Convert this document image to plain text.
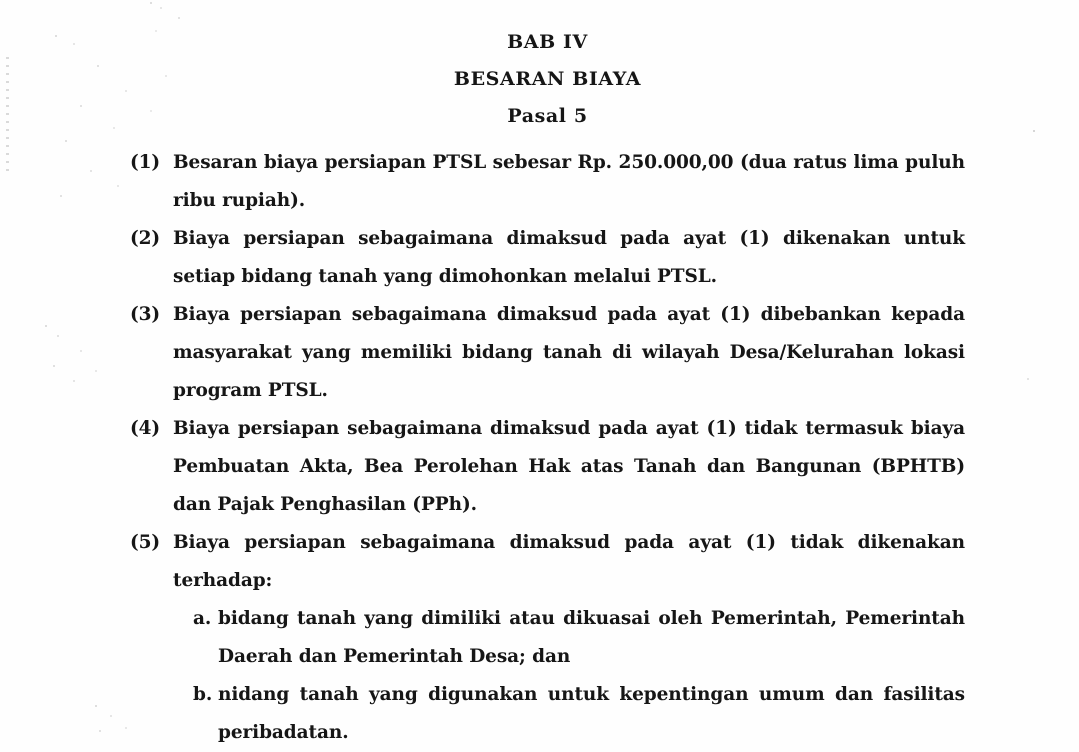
BAB IV
BESARAN BIAYA
Pasal 5
(1) Besaran biaya persiapan PTSL sebesar Rp. 250.000,00 (dua ratus lima puluh ribu rupiah).
(2) Biaya persiapan sebagaimana dimaksud pada ayat (1) dikenakan untuk setiap bidang tanah yang dimohonkan melalui PTSL.
(3) Biaya persiapan sebagaimana dimaksud pada ayat (1) dibebankan kepada masyarakat yang memiliki bidang tanah di wilayah Desa/Kelurahan lokasi program PTSL.
(4) Biaya persiapan sebagaimana dimaksud pada ayat (1) tidak termasuk biaya Pembuatan Akta, Bea Perolehan Hak atas Tanah dan Bangunan (BPHTB) dan Pajak Penghasilan (PPh).
(5) Biaya persiapan sebagaimana dimaksud pada ayat (1) tidak dikenakan terhadap:
a. bidang tanah yang dimiliki atau dikuasai oleh Pemerintah, Pemerintah Daerah dan Pemerintah Desa; dan
b. nidang tanah yang digunakan untuk kepentingan umum dan fasilitas peribadatan.
